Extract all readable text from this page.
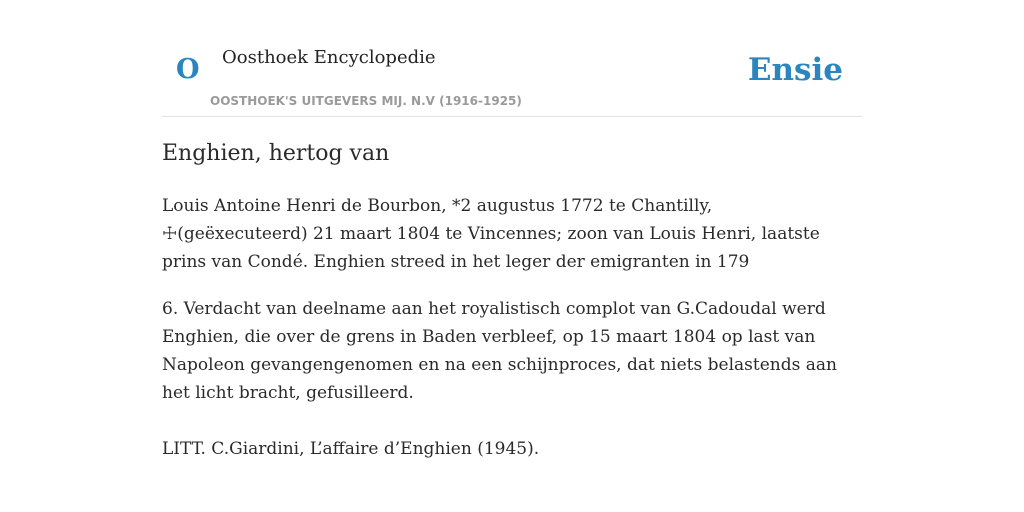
O Oosthoek Encyclopedie
OOSTHOEK'S UITGEVERS MIJ. N.V (1916-1925)
Ensie
Enghien, hertog van

Louis Antoine Henri de Bourbon, *2 augustus 1772 te Chantilly, ☩(geëxecuteerd) 21 maart 1804 te Vincennes; zoon van Louis Henri, laatste prins van Condé. Enghien streed in het leger der emigranten in 179

6. Verdacht van deelname aan het royalistisch complot van G.Cadoudal werd Enghien, die over de grens in Baden verbleef, op 15 maart 1804 op last van Napoleon gevangengenomen en na een schijnproces, dat niets belastends aan het licht bracht, gefusilleerd.

LITT. C.Giardini, L’affaire d’Enghien (1945).
